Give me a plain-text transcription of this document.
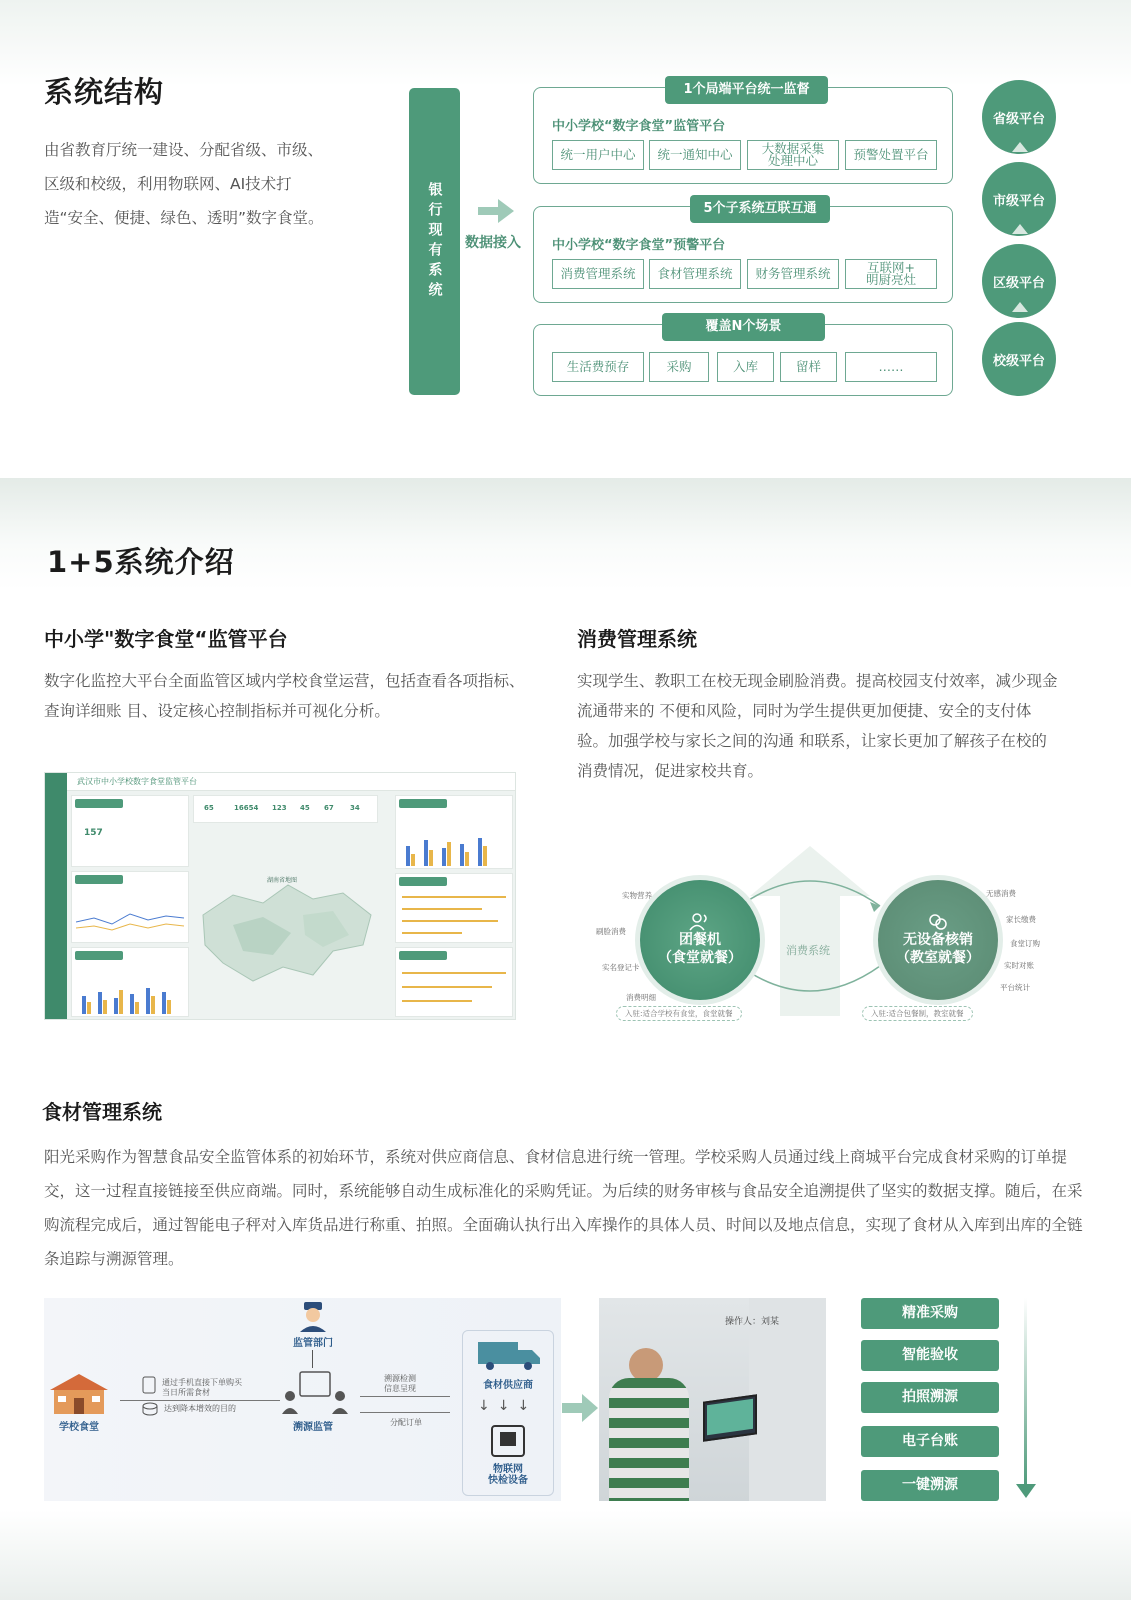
系统结构

由省教育厅统一建设、分配省级、市级、区级和校级，利用物联网、AI技术打造“安全、便捷、绿色、透明”数字食堂。	银行现有系统 数据接入
中小学校“数字食堂”监管平台
统一用户中心	统一通知中心	大数据采集
处理中心	预警处置平台
1个局端平台统一监督
中小学校“数字食堂”预警平台
消费管理系统	食材管理系统	财务管理系统	互联网+
明厨亮灶
5个子系统互联互通
生活费预存	采购	入库	留样	……
覆盖N个场景
省级平台
市级平台
区级平台
校级平台
1+5系统介绍
中小学"数字食堂“监管平台

数字化监控大平台全面监管区域内学校食堂运营，包括查看各项指标、查询详细账 目、设定核心控制指标并可视化分析。

武汉市中小学校数字食堂监管平台
157
65	16654 123 45 67 34
湖南省地图
消费管理系统

实现学生、教职工在校无现金刷脸消费。提高校园支付效率，减少现金流通带来的 不便和风险，同时为学生提供更加便捷、安全的支付体验。加强学校与家长之间的沟通 和联系，让家长更加了解孩子在校的消费情况，促进家校共育。

消费系统
团餐机
（食堂就餐）
无设备核销
（教室就餐）
实物营养
刷脸消费
实名登记卡
消费明细
无感消费
家长缴费
食堂订购
实时对账
平台统计
入驻:适合学校有食堂，食堂就餐	入驻:适合包餐制，教室就餐
食材管理系统

阳光采购作为智慧食品安全监管体系的初始环节，系统对供应商信息、食材信息进行统一管理。学校采购人员通过线上商城平台完成食材采购的订单提交，这一过程直接链接至供应商端。同时，系统能够自动生成标准化的采购凭证。为后续的财务审核与食品安全追溯提供了坚实的数据支撑。随后，在采购流程完成后，通过智能电子秤对入库货品进行称重、拍照。全面确认执行出入库操作的具体人员、时间以及地点信息，实现了食材从入库到出库的全链条追踪与溯源管理。

学校食堂
通过手机直接下单购买
当日所需食材
达到降本增效的目的
监管部门
溯源监管
溯源检测
信息呈现
分配订单
食材供应商
↓↓↓
物联网
快检设备
操作人：刘某
精准采购
智能验收
拍照溯源
电子台账
一键溯源
